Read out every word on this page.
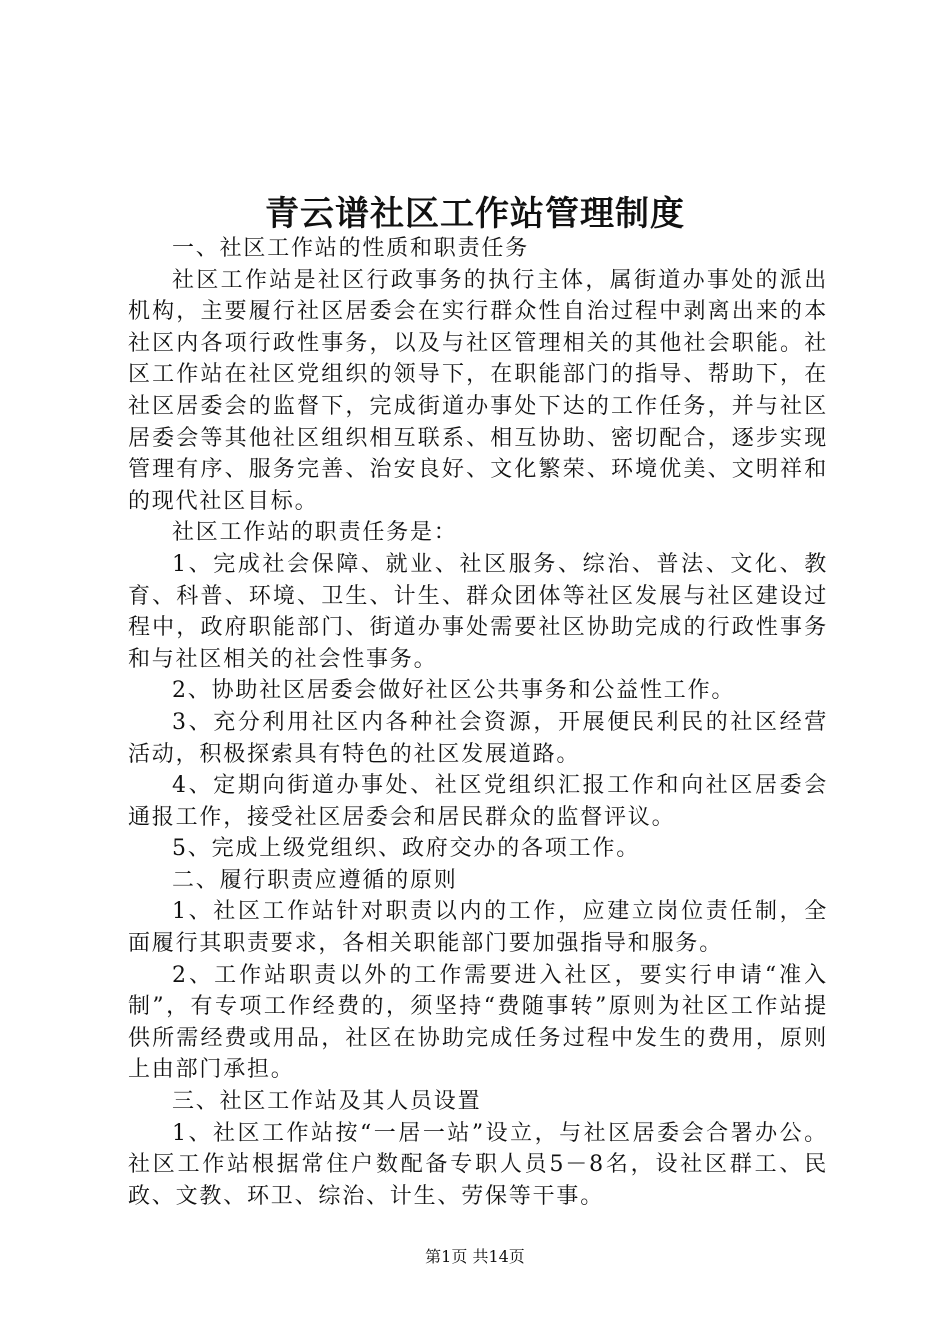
青云谱社区工作站管理制度

一、社区工作站的性质和职责任务

社区工作站是社区行政事务的执行主体，属街道办事处的派出机构，主要履行社区居委会在实行群众性自治过程中剥离出来的本社区内各项行政性事务，以及与社区管理相关的其他社会职能。社区工作站在社区党组织的领导下，在职能部门的指导、帮助下，在社区居委会的监督下，完成街道办事处下达的工作任务，并与社区居委会等其他社区组织相互联系、相互协助、密切配合，逐步实现管理有序、服务完善、治安良好、文化繁荣、环境优美、文明祥和的现代社区目标。

社区工作站的职责任务是：

1、完成社会保障、就业、社区服务、综治、普法、文化、教育、科普、环境、卫生、计生、群众团体等社区发展与社区建设过程中，政府职能部门、街道办事处需要社区协助完成的行政性事务和与社区相关的社会性事务。

2、协助社区居委会做好社区公共事务和公益性工作。

3、充分利用社区内各种社会资源，开展便民利民的社区经营活动，积极探索具有特色的社区发展道路。

4、定期向街道办事处、社区党组织汇报工作和向社区居委会通报工作，接受社区居委会和居民群众的监督评议。

5、完成上级党组织、政府交办的各项工作。

二、履行职责应遵循的原则

1、社区工作站针对职责以内的工作，应建立岗位责任制，全面履行其职责要求，各相关职能部门要加强指导和服务。

2、工作站职责以外的工作需要进入社区，要实行申请“准入制”，有专项工作经费的，须坚持“费随事转”原则为社区工作站提供所需经费或用品，社区在协助完成任务过程中发生的费用，原则上由部门承担。

三、社区工作站及其人员设置

1、社区工作站按“一居一站”设立，与社区居委会合署办公。社区工作站根据常住户数配备专职人员5－8名，设社区群工、民政、文教、环卫、综治、计生、劳保等干事。

第1页 共14页
